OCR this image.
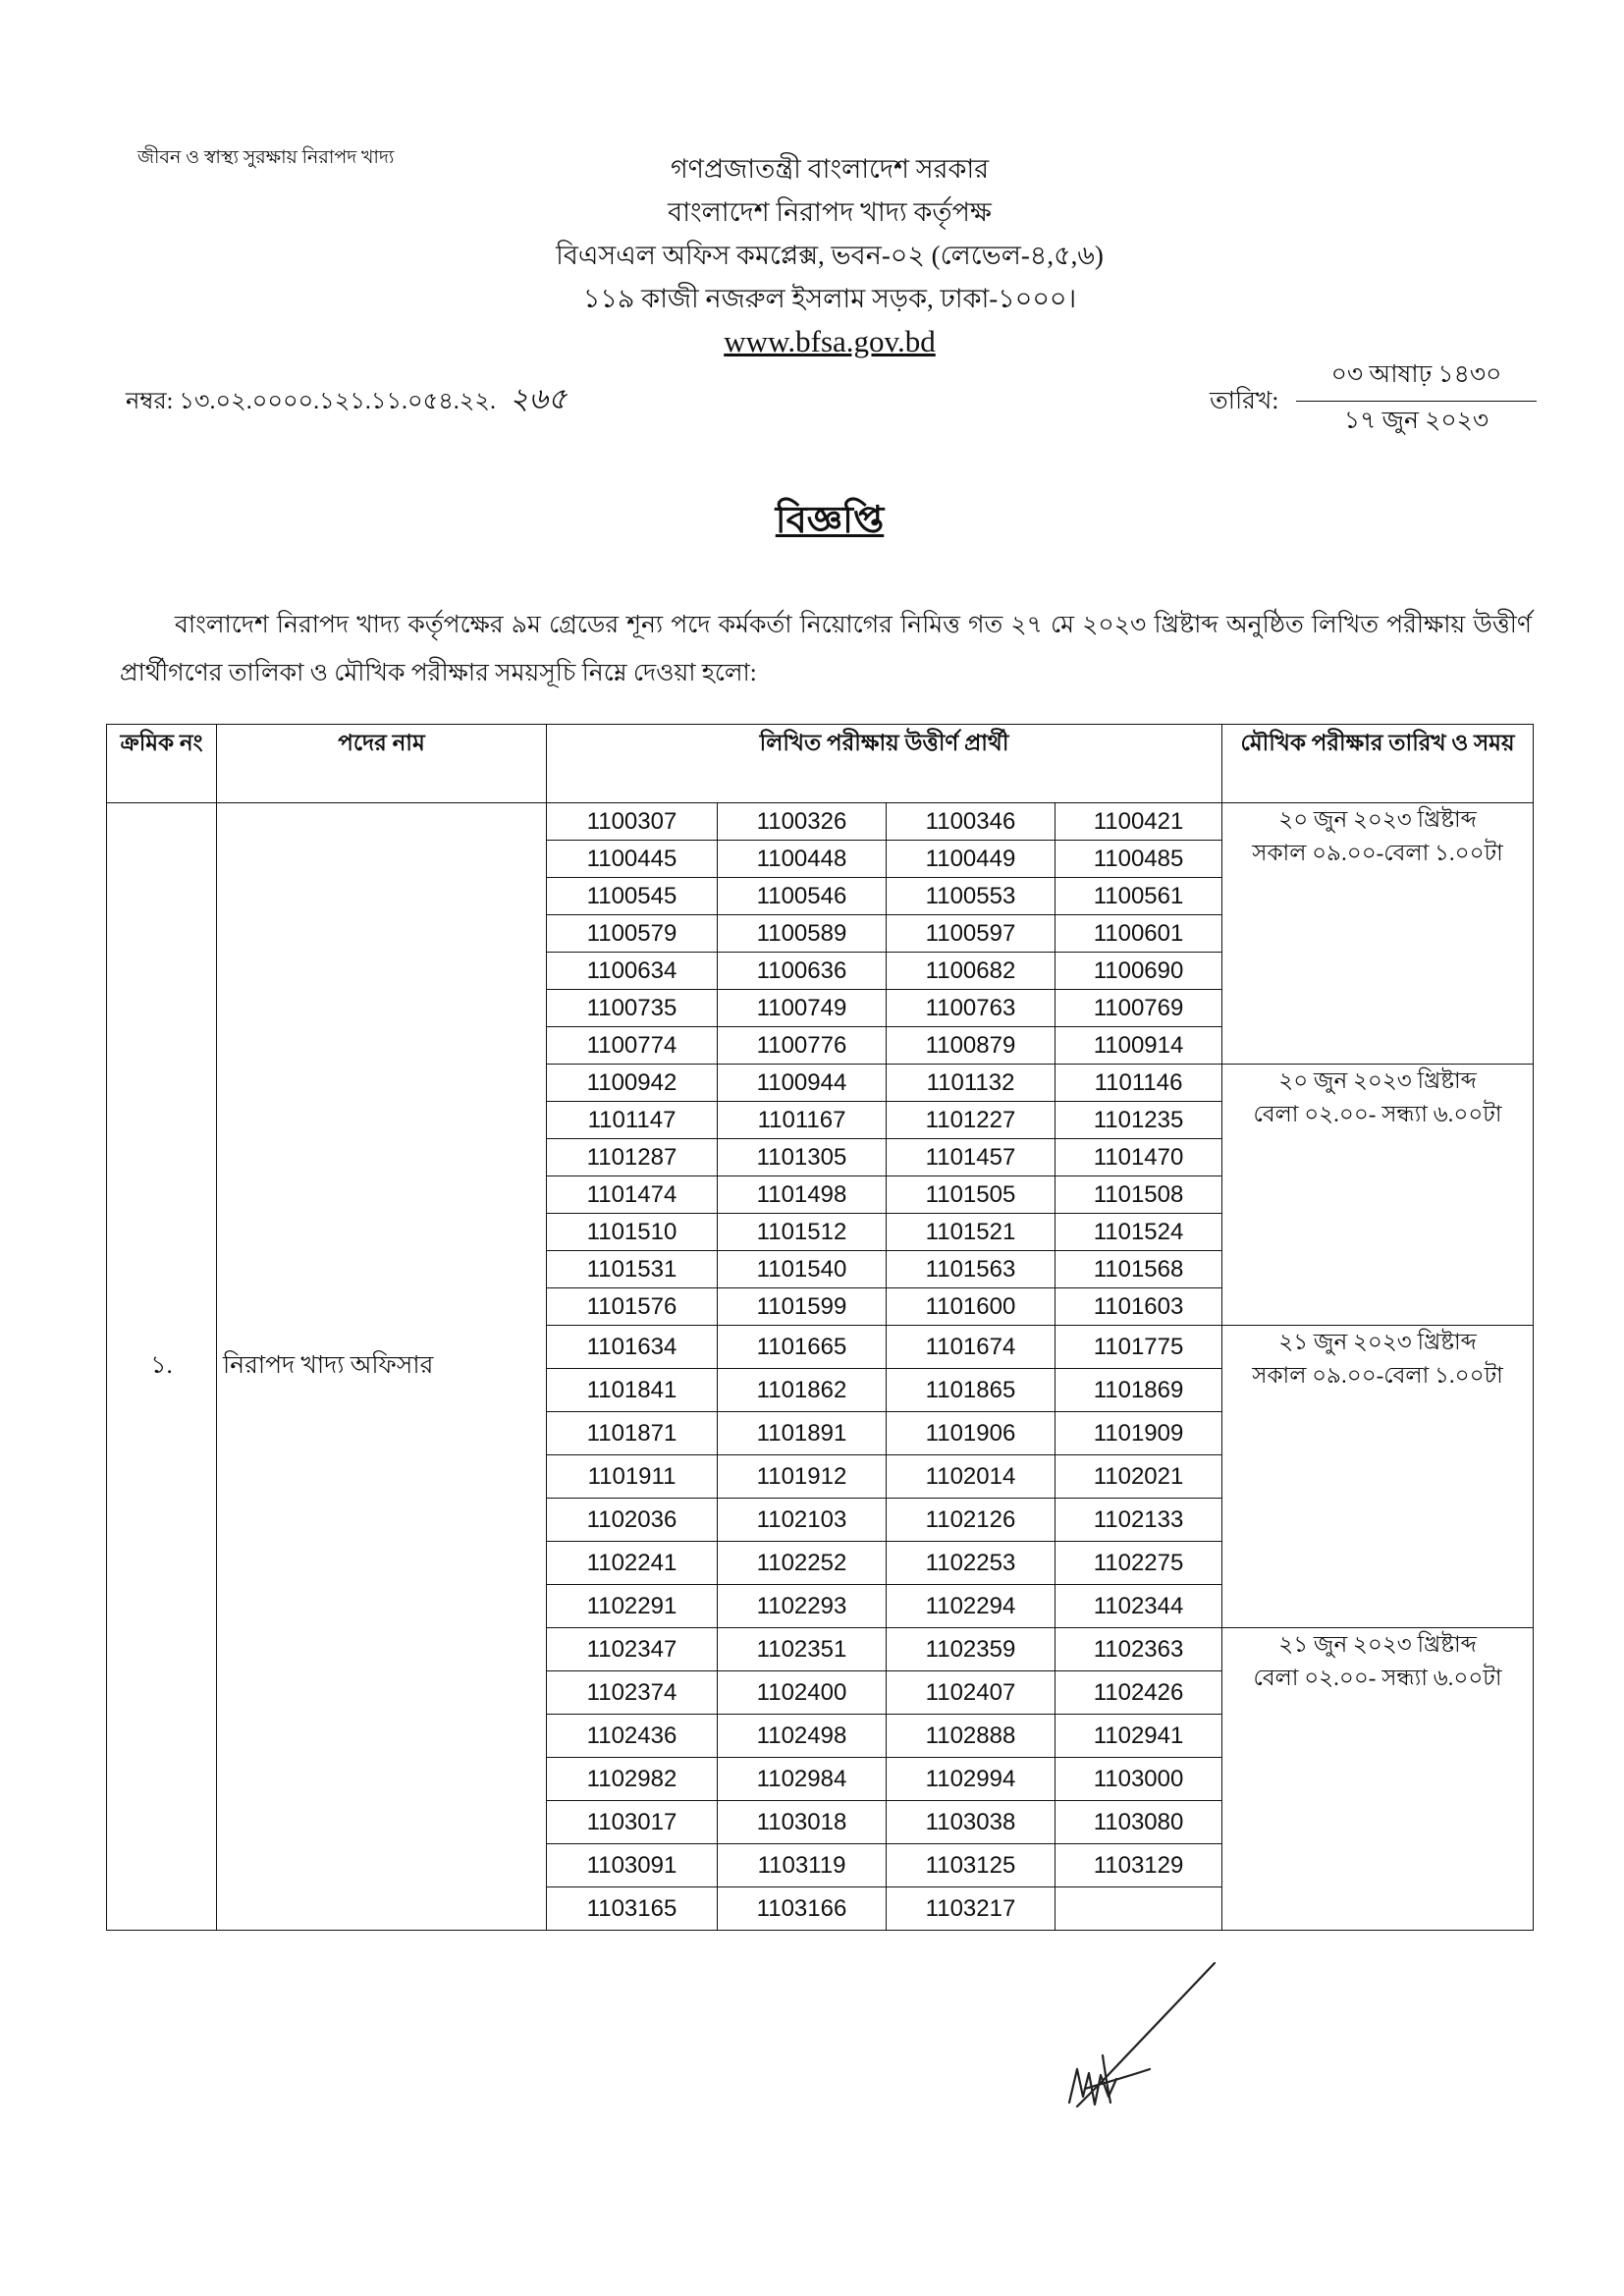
জীবন ও স্বাস্থ্য সুরক্ষায় নিরাপদ খাদ্য	গণপ্রজাতন্ত্রী বাংলাদেশ সরকার
বাংলাদেশ নিরাপদ খাদ্য কর্তৃপক্ষ
বিএসএল অফিস কমপ্লেক্স, ভবন-০২ (লেভেল-৪,৫,৬)
১১৯ কাজী নজরুল ইসলাম সড়ক, ঢাকা-১০০০।
www.bfsa.gov.bd
নম্বর: ১৩.০২.০০০০.১২১.১১.০৫৪.২২. ২৬৫	তারিখ:
০৩ আষাঢ় ১৪৩০
১৭ জুন ২০২৩
বিজ্ঞপ্তি
বাংলাদেশ নিরাপদ খাদ্য কর্তৃপক্ষের ৯ম গ্রেডের শূন্য পদে কর্মকর্তা নিয়োগের নিমিত্ত গত ২৭ মে ২০২৩ খ্রিষ্টাব্দ অনুষ্ঠিত লিখিত পরীক্ষায় উত্তীর্ণ প্রার্থীগণের তালিকা ও মৌখিক পরীক্ষার সময়সূচি নিম্নে দেওয়া হলো:
ক্রমিক নং	পদের নাম	লিখিত পরীক্ষায় উত্তীর্ণ প্রার্থী				মৌখিক পরীক্ষার তারিখ ও সময়
১.	নিরাপদ খাদ্য অফিসার	1100307	1100326	1100346	1100421	২০ জুন ২০২৩ খ্রিষ্টাব্দ
সকাল ০৯.০০-বেলা ১.০০টা

		1100445	1100448	1100449	1100485	
		1100545	1100546	1100553	1100561	
		1100579	1100589	1100597	1100601	
		1100634	1100636	1100682	1100690	
		1100735	1100749	1100763	1100769	
		1100774	1100776	1100879	1100914	
		1100942	1100944	1101132	1101146	২০ জুন ২০২৩ খ্রিষ্টাব্দ
বেলা ০২.০০- সন্ধ্যা ৬.০০টা

		1101147	1101167	1101227	1101235	
		1101287	1101305	1101457	1101470	
		1101474	1101498	1101505	1101508	
		1101510	1101512	1101521	1101524	
		1101531	1101540	1101563	1101568	
		1101576	1101599	1101600	1101603	
		1101634	1101665	1101674	1101775	২১ জুন ২০২৩ খ্রিষ্টাব্দ
সকাল ০৯.০০-বেলা ১.০০টা

		1101841	1101862	1101865	1101869	
		1101871	1101891	1101906	1101909	
		1101911	1101912	1102014	1102021	
		1102036	1102103	1102126	1102133	
		1102241	1102252	1102253	1102275	
		1102291	1102293	1102294	1102344	
		1102347	1102351	1102359	1102363	২১ জুন ২০২৩ খ্রিষ্টাব্দ
বেলা ০২.০০- সন্ধ্যা ৬.০০টা

		1102374	1102400	1102407	1102426	
		1102436	1102498	1102888	1102941	
		1102982	1102984	1102994	1103000	
		1103017	1103018	1103038	1103080	
		1103091	1103119	1103125	1103129	
		1103165	1103166	1103217		
